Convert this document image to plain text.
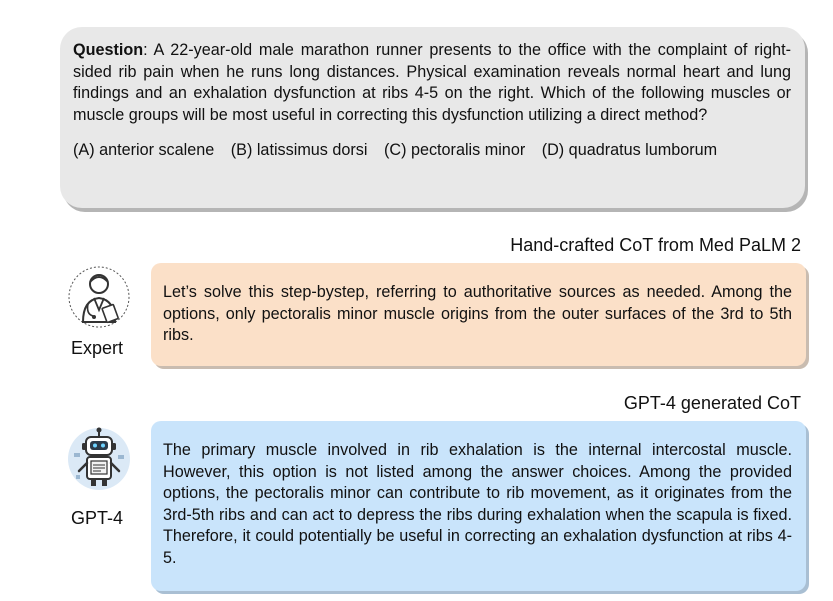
Question: A 22-year-old male marathon runner presents to the office with the complaint of right-sided rib pain when he runs long distances. Physical examination reveals normal heart and lung findings and an exhalation dysfunction at ribs 4-5 on the right. Which of the following muscles or muscle groups will be most useful in correcting this dysfunction utilizing a direct method?

(A) anterior scalene (B) latissimus dorsi (C) pectoralis minor (D) quadratus lumborum
Hand-crafted CoT from Med PaLM 2
Expert
Let’s solve this step-bystep, referring to authoritative sources as needed. Among the options, only pectoralis minor muscle origins from the outer surfaces of the 3rd to 5th ribs.
GPT-4 generated CoT
GPT-4
The primary muscle involved in rib exhalation is the internal intercostal muscle. However, this option is not listed among the answer choices. Among the provided options, the pectoralis minor can contribute to rib movement, as it originates from the 3rd-5th ribs and can act to depress the ribs during exhalation when the scapula is fixed. Therefore, it could potentially be useful in correcting an exhalation dysfunction at ribs 4-5.
